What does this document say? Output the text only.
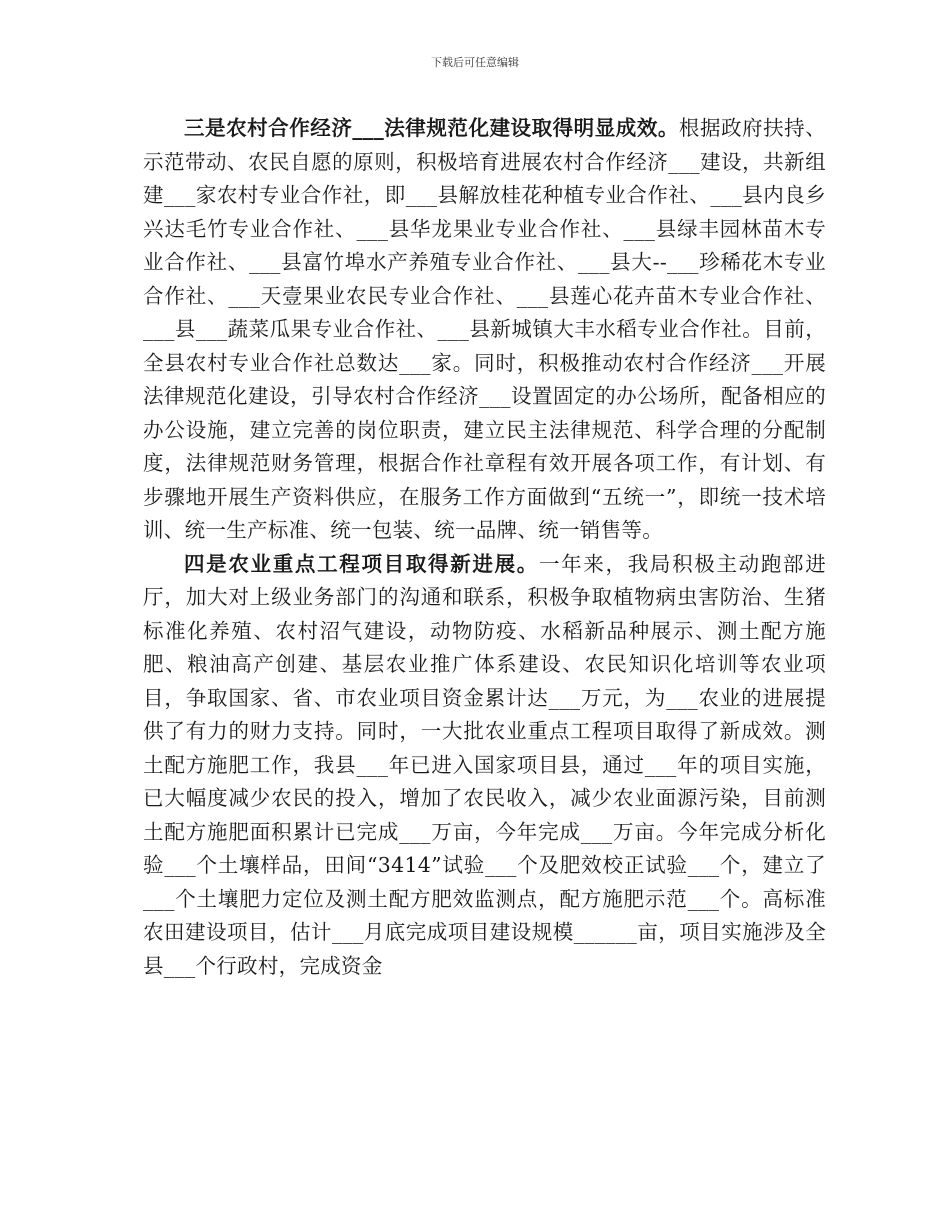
下载后可任意编辑

三是农村合作经济___法律规范化建设取得明显成效。根据政府扶持、示范带动、农民自愿的原则，积极培育进展农村合作经济___建设，共新组建___家农村专业合作社，即___县解放桂花种植专业合作社、___县内良乡兴达毛竹专业合作社、___县华龙果业专业合作社、___县绿丰园林苗木专业合作社、___县富竹埠水产养殖专业合作社、___县大--___珍稀花木专业合作社、___天壹果业农民专业合作社、___县莲心花卉苗木专业合作社、___县___蔬菜瓜果专业合作社、___县新城镇大丰水稻专业合作社。目前，全县农村专业合作社总数达___家。同时，积极推动农村合作经济___开展法律规范化建设，引导农村合作经济___设置固定的办公场所，配备相应的办公设施，建立完善的岗位职责，建立民主法律规范、科学合理的分配制度，法律规范财务管理，根据合作社章程有效开展各项工作，有计划、有步骤地开展生产资料供应，在服务工作方面做到“五统一”，即统一技术培训、统一生产标准、统一包装、统一品牌、统一销售等。

四是农业重点工程项目取得新进展。一年来，我局积极主动跑部进厅，加大对上级业务部门的沟通和联系，积极争取植物病虫害防治、生猪标准化养殖、农村沼气建设，动物防疫、水稻新品种展示、测土配方施肥、粮油高产创建、基层农业推广体系建设、农民知识化培训等农业项目，争取国家、省、市农业项目资金累计达___万元，为___农业的进展提供了有力的财力支持。同时，一大批农业重点工程项目取得了新成效。测土配方施肥工作，我县___年已进入国家项目县，通过___年的项目实施，已大幅度减少农民的投入，增加了农民收入，减少农业面源污染，目前测土配方施肥面积累计已完成___万亩，今年完成___万亩。今年完成分析化验___个土壤样品，田间“3414”试验___个及肥效校正试验___个，建立了___个土壤肥力定位及测土配方肥效监测点，配方施肥示范___个。高标准农田建设项目，估计___月底完成项目建设规模______亩，项目实施涉及全县___个行政村，完成资金
